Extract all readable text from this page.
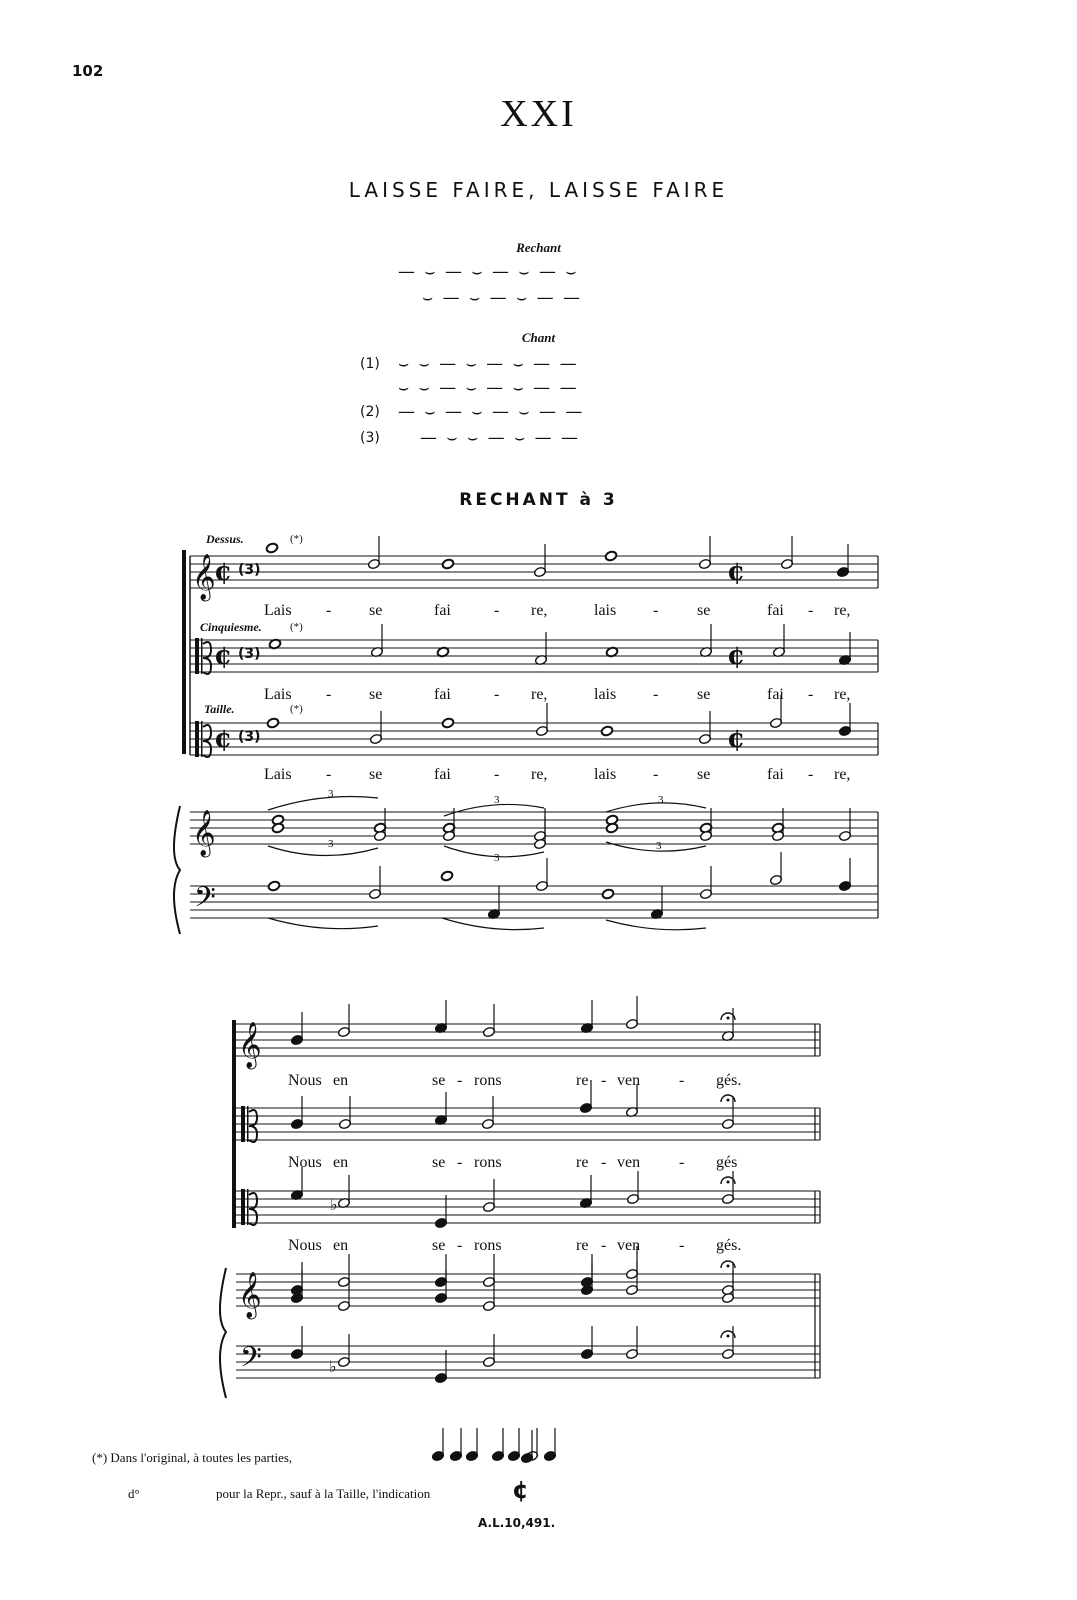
102
XXI
LAISSE FAIRE, LAISSE FAIRE
Rechant
— ⌣ — ⌣ — ⌣ — ⌣
⌣ — ⌣ — ⌣ — —
Chant
(1) ⌣ ⌣ — ⌣ — ⌣ — —
⌣ ⌣ — ⌣ — ⌣ — —
(2) — ⌣ — ⌣ — ⌣ — —
(3) — ⌣ ⌣ — ⌣ — —
RECHANT à 3
Dessus.	(*)
Cinquiesme.	(*)
Taille.	(*)
(3)
(3)
(3)
Lais - se	fai	- re,	lais - se	fai - re,
Lais - se	fai	- re,	lais - se	fai - re,
Lais - se	fai	- re,	lais - se	fai - re,
3
3
3
3
3
3
Nous en	se - rons	re - ven - gés.
Nous en	se - rons	re - ven - gés
Nous en	se - rons	re - ven - gés.
(*) Dans l'original, à toutes les parties,
d°	pour la Repr., sauf à la Taille, l'indication	¢
A.L.10,491.
𝄞
¢	¢
¢	¢
¢	¢
𝄞
𝄢
𝄞
♭
𝄞
𝄢	♭
